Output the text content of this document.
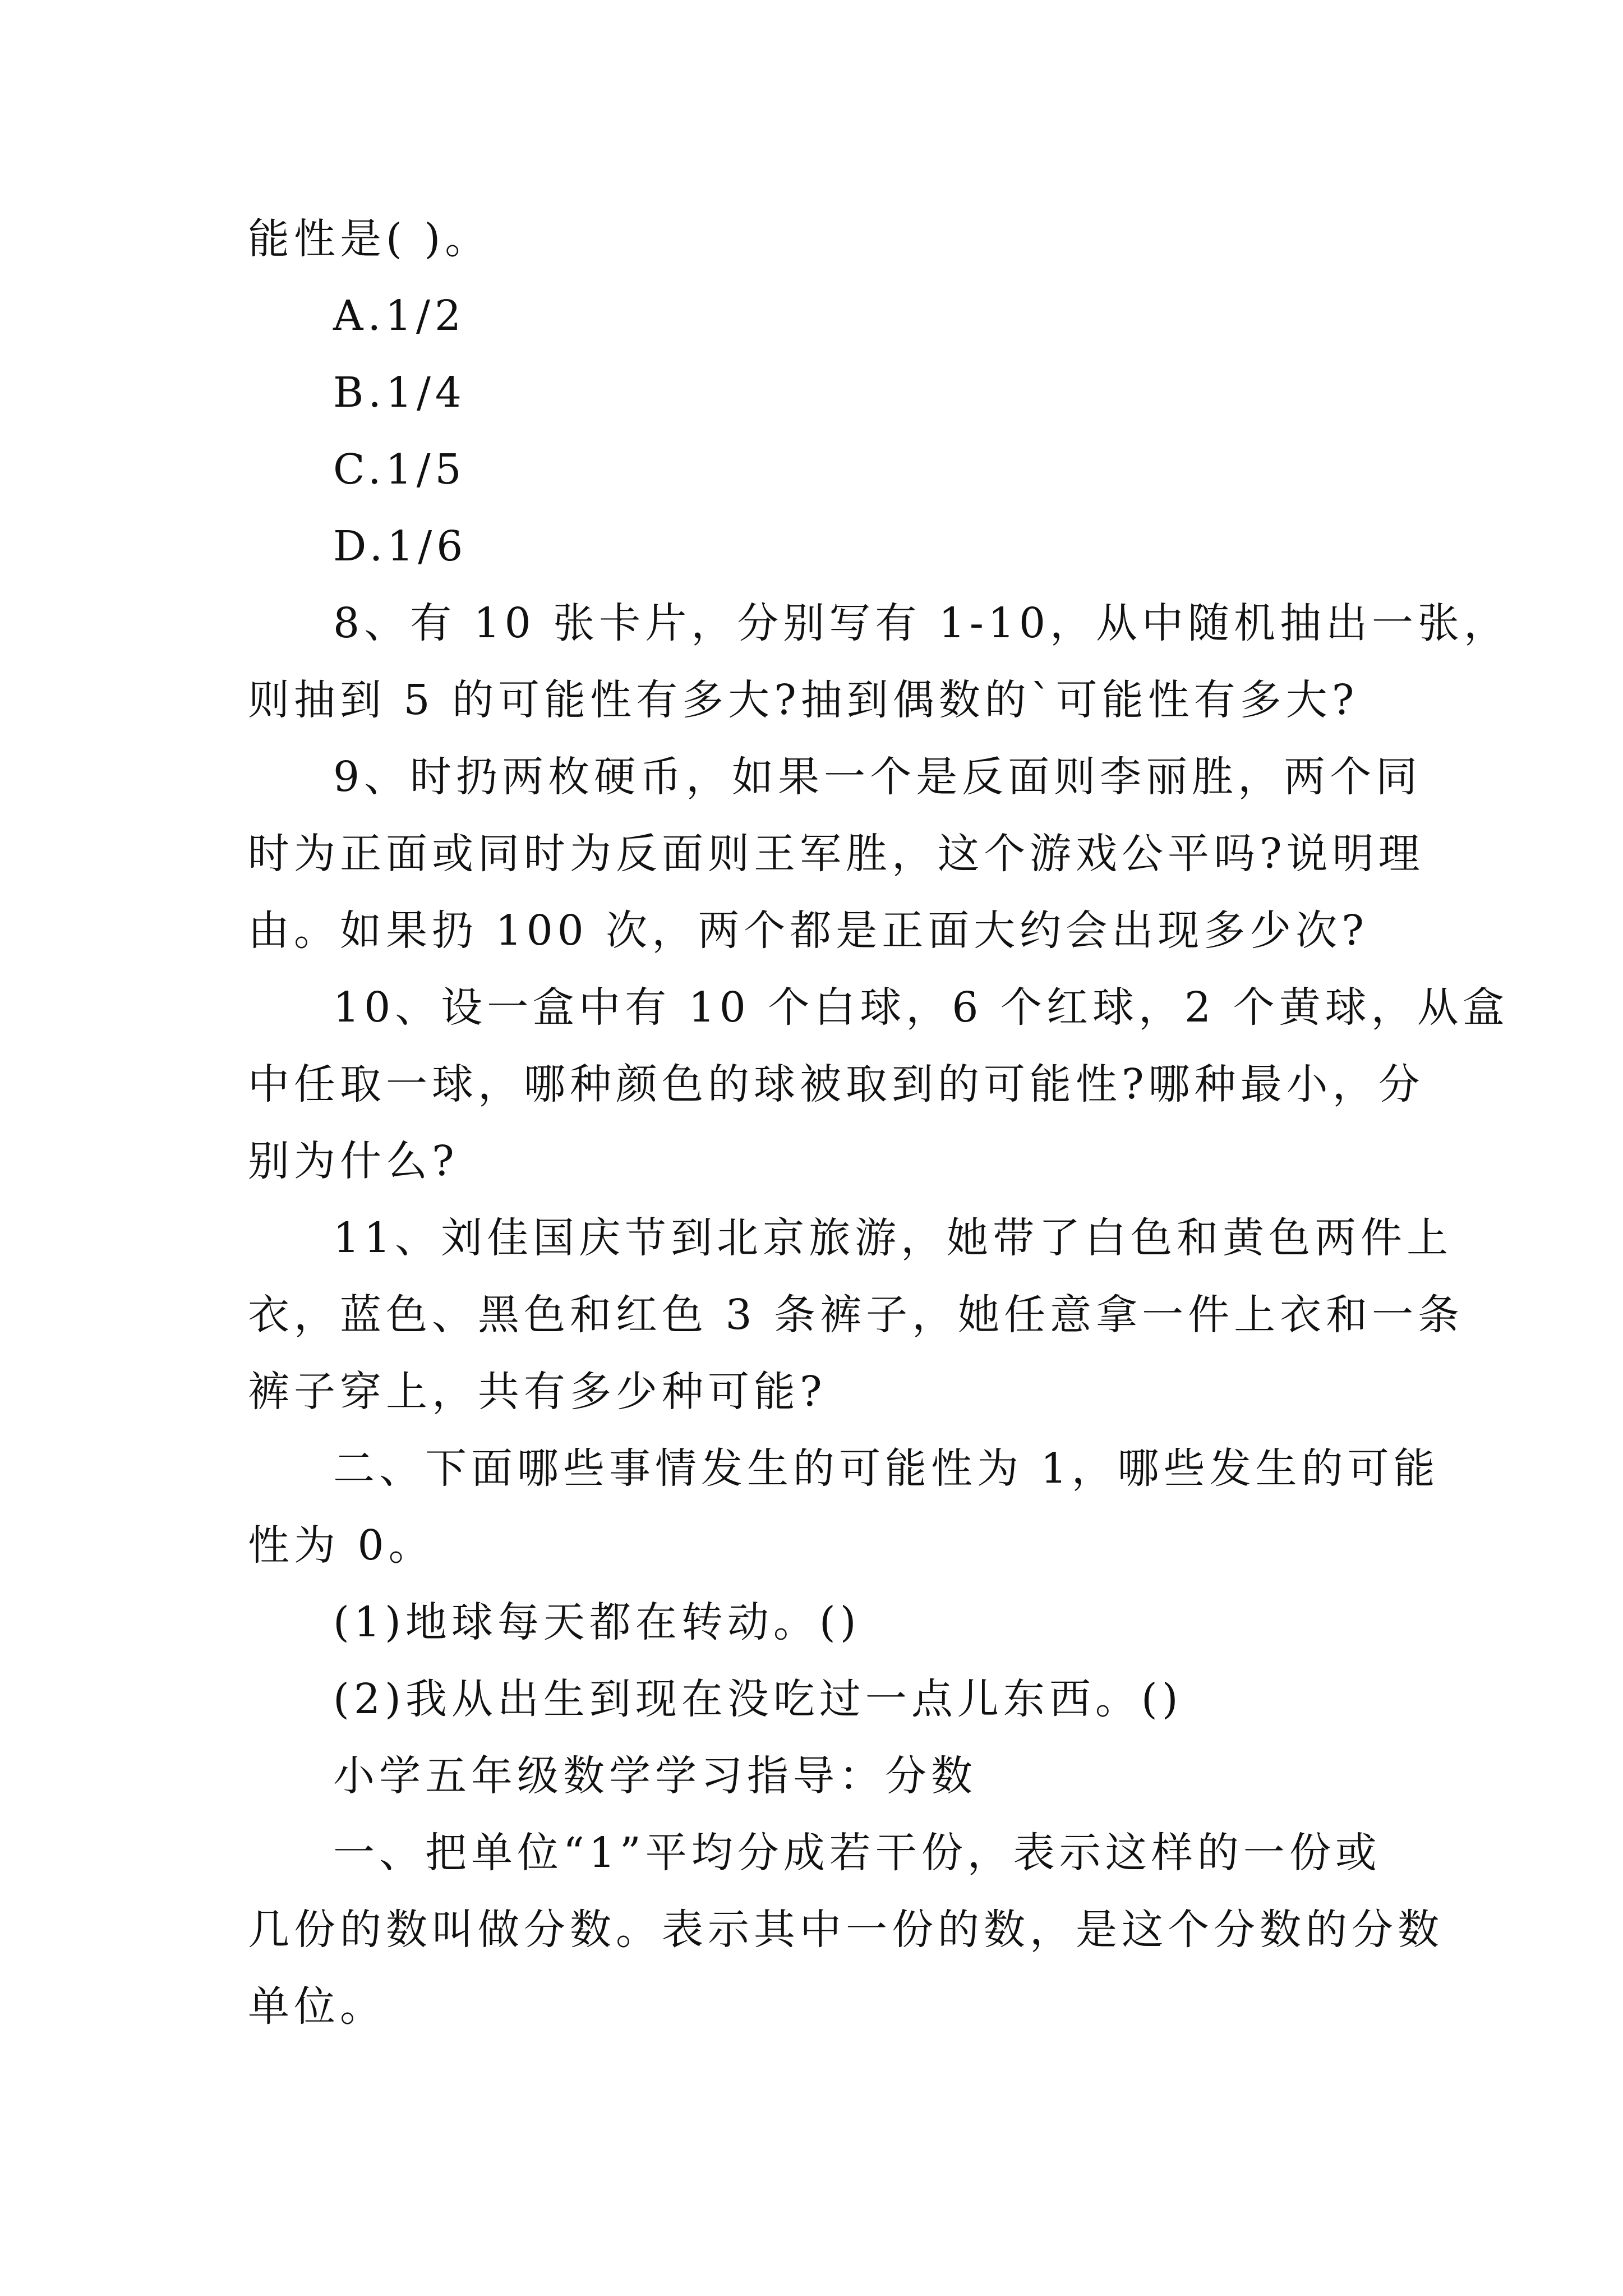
能性是( )。

A.1/2

B.1/4

C.1/5

D.1/6

8、有 10 张卡片，分别写有 1-10，从中随机抽出一张，

则抽到 5 的可能性有多大?抽到偶数的`可能性有多大?

9、时扔两枚硬币，如果一个是反面则李丽胜，两个同

时为正面或同时为反面则王军胜，这个游戏公平吗?说明理

由。如果扔 100 次，两个都是正面大约会出现多少次?

10、设一盒中有 10 个白球，6 个红球，2 个黄球，从盒

中任取一球，哪种颜色的球被取到的可能性?哪种最小，分

别为什么?

11、刘佳国庆节到北京旅游，她带了白色和黄色两件上

衣，蓝色、黑色和红色 3 条裤子，她任意拿一件上衣和一条

裤子穿上，共有多少种可能?

二、下面哪些事情发生的可能性为 1，哪些发生的可能

性为 0。

(1)地球每天都在转动。()

(2)我从出生到现在没吃过一点儿东西。()

小学五年级数学学习指导：分数

一、把单位“1”平均分成若干份，表示这样的一份或

几份的数叫做分数。表示其中一份的数，是这个分数的分数

单位。
